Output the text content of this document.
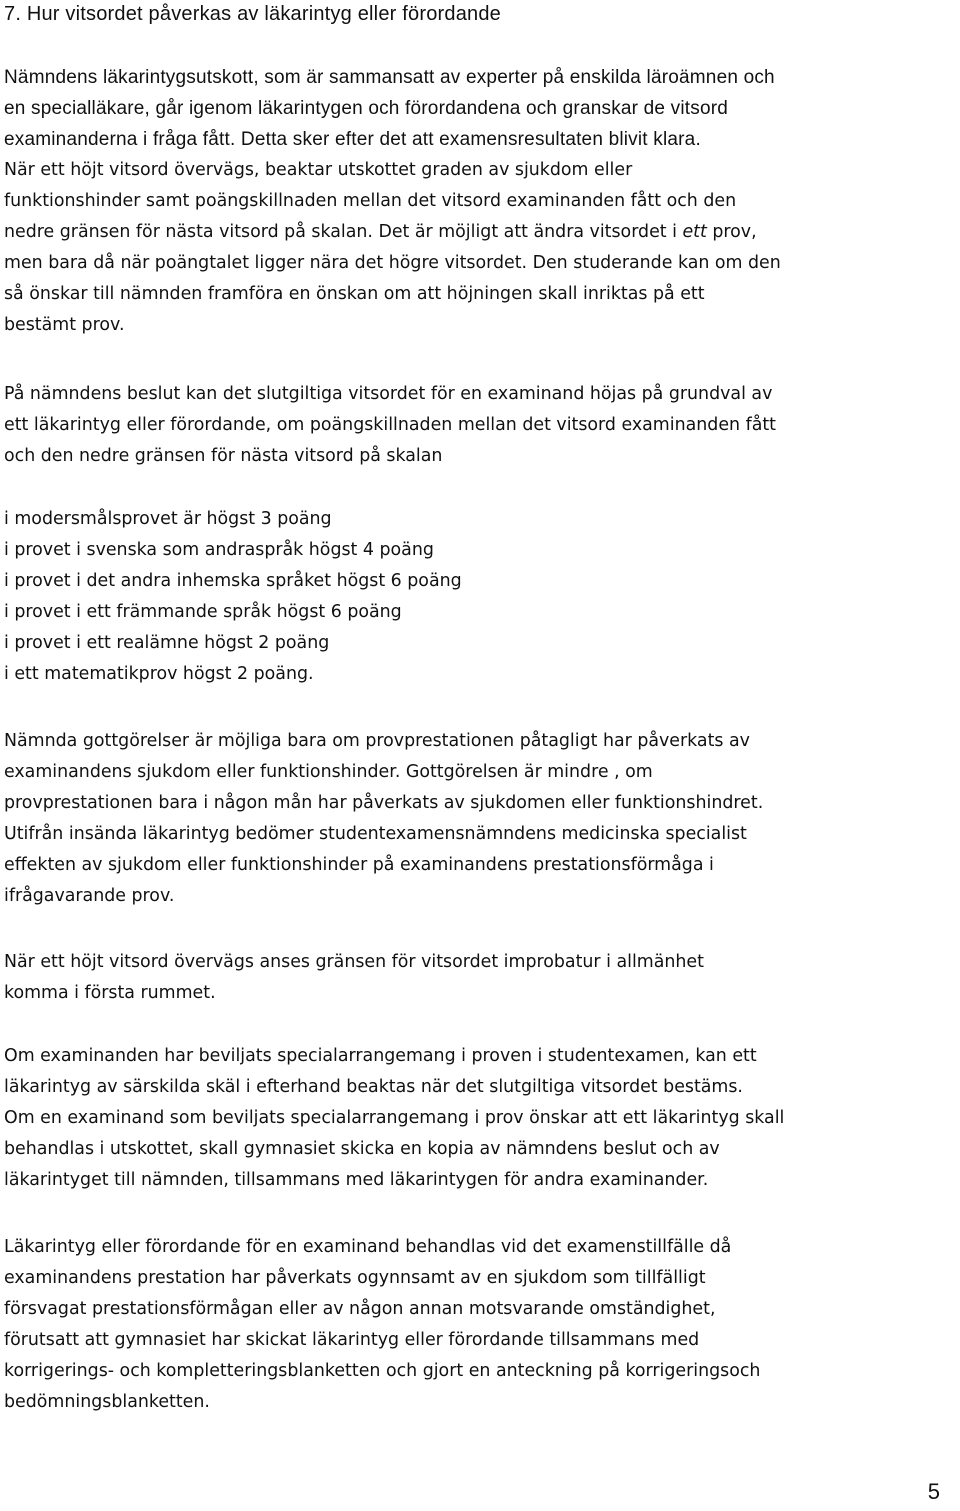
7. Hur vitsordet påverkas av läkarintyg eller förordande
Nämndens läkarintygsutskott, som är sammansatt av experter på enskilda läroämnen och
en specialläkare, går igenom läkarintygen och förordandena och granskar de vitsord
examinanderna i fråga fått. Detta sker efter det att examensresultaten blivit klara.
När ett höjt vitsord övervägs, beaktar utskottet graden av sjukdom eller
funktionshinder samt poängskillnaden mellan det vitsord examinanden fått och den
nedre gränsen för nästa vitsord på skalan. Det är möjligt att ändra vitsordet i ett prov,
men bara då när poängtalet ligger nära det högre vitsordet. Den studerande kan om den
så önskar till nämnden framföra en önskan om att höjningen skall inriktas på ett
bestämt prov.
På nämndens beslut kan det slutgiltiga vitsordet för en examinand höjas på grundval av
ett läkarintyg eller förordande, om poängskillnaden mellan det vitsord examinanden fått
och den nedre gränsen för nästa vitsord på skalan
i modersmålsprovet är högst 3 poäng
i provet i svenska som andraspråk högst 4 poäng
i provet i det andra inhemska språket högst 6 poäng
i provet i ett främmande språk högst 6 poäng
i provet i ett realämne högst 2 poäng
i ett matematikprov högst 2 poäng.
Nämnda gottgörelser är möjliga bara om provprestationen påtagligt har påverkats av
examinandens sjukdom eller funktionshinder. Gottgörelsen är mindre , om
provprestationen bara i någon mån har påverkats av sjukdomen eller funktionshindret.
Utifrån insända läkarintyg bedömer studentexamensnämndens medicinska specialist
effekten av sjukdom eller funktionshinder på examinandens prestationsförmåga i
ifrågavarande prov.
När ett höjt vitsord övervägs anses gränsen för vitsordet improbatur i allmänhet
komma i första rummet.
Om examinanden har beviljats specialarrangemang i proven i studentexamen, kan ett
läkarintyg av särskilda skäl i efterhand beaktas när det slutgiltiga vitsordet bestäms.
Om en examinand som beviljats specialarrangemang i prov önskar att ett läkarintyg skall
behandlas i utskottet, skall gymnasiet skicka en kopia av nämndens beslut och av
läkarintyget till nämnden, tillsammans med läkarintygen för andra examinander.
Läkarintyg eller förordande för en examinand behandlas vid det examenstillfälle då
examinandens prestation har påverkats ogynnsamt av en sjukdom som tillfälligt
försvagat prestationsförmågan eller av någon annan motsvarande omständighet,
förutsatt att gymnasiet har skickat läkarintyg eller förordande tillsammans med
korrigerings- och kompletteringsblanketten och gjort en anteckning på korrigeringsoch
bedömningsblanketten.
5
